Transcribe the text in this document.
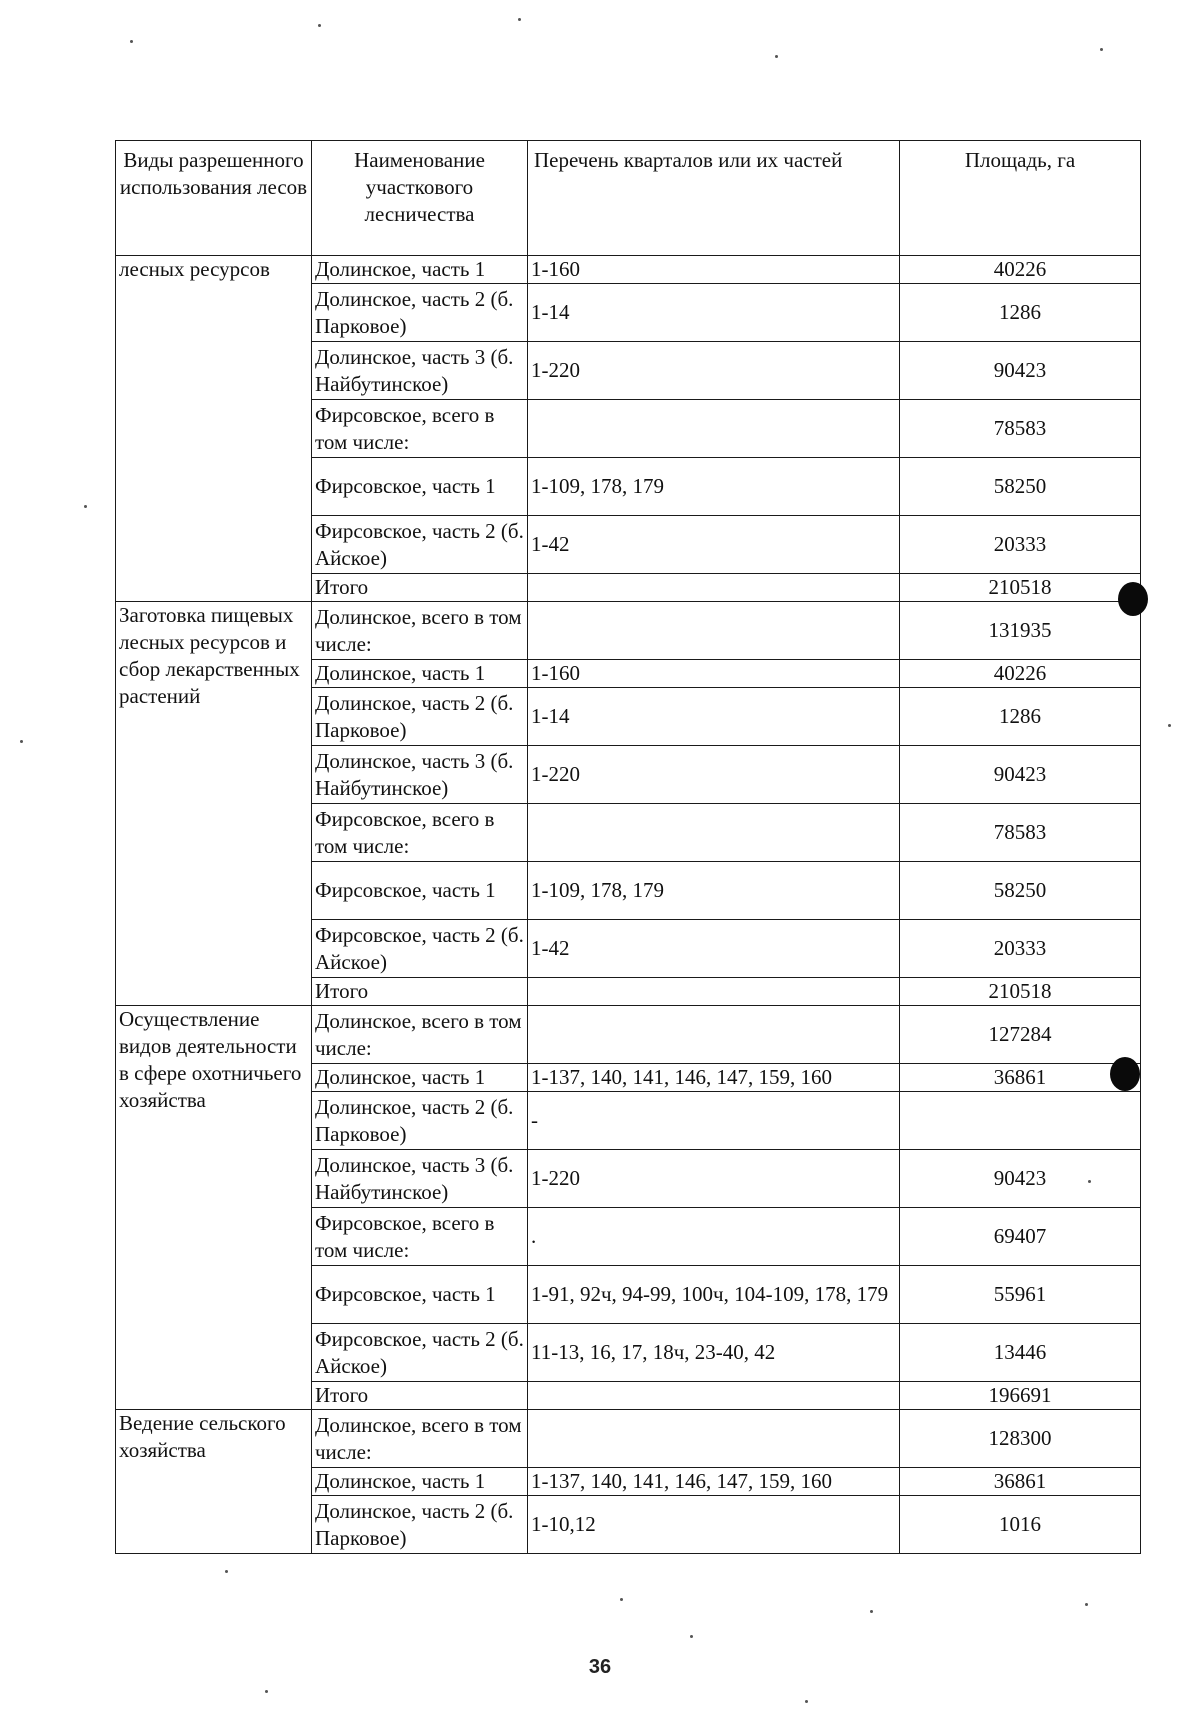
Виды разрешенного использования лесов	Наименование участкового лесничества	Перечень кварталов или их частей	Площадь, га
лесных ресурсов	Долинское, часть 1	1-160	40226
	Долинское, часть 2 (б. Парковое)	1-14	1286
	Долинское, часть 3 (б. Найбутинское)	1-220	90423
	Фирсовское, всего в том числе:		78583
	Фирсовское, часть 1	1-109, 178, 179	58250
	Фирсовское, часть 2 (б. Айское)	1-42	20333
	Итого		210518
Заготовка пищевых лесных ресурсов и сбор лекарственных растений	Долинское, всего в том числе:		131935
	Долинское, часть 1	1-160	40226
	Долинское, часть 2 (б. Парковое)	1-14	1286
	Долинское, часть 3 (б. Найбутинское)	1-220	90423
	Фирсовское, всего в том числе:		78583
	Фирсовское, часть 1	1-109, 178, 179	58250
	Фирсовское, часть 2 (б. Айское)	1-42	20333
	Итого		210518
Осуществление видов деятельности в сфере охотничьего хозяйства	Долинское, всего в том числе:		127284
	Долинское, часть 1	1-137, 140, 141, 146, 147, 159, 160	36861
	Долинское, часть 2 (б. Парковое)	-	
	Долинское, часть 3 (б. Найбутинское)	1-220	90423
	Фирсовское, всего в том числе:	.	69407
	Фирсовское, часть 1	1-91, 92ч, 94-99, 100ч, 104-109, 178, 179	55961
	Фирсовское, часть 2 (б. Айское)	11-13, 16, 17, 18ч, 23-40, 42	13446
	Итого		196691
Ведение сельского хозяйства	Долинское, всего в том числе:		128300
	Долинское, часть 1	1-137, 140, 141, 146, 147, 159, 160	36861
	Долинское, часть 2 (б. Парковое)	1-10,12	1016
36
